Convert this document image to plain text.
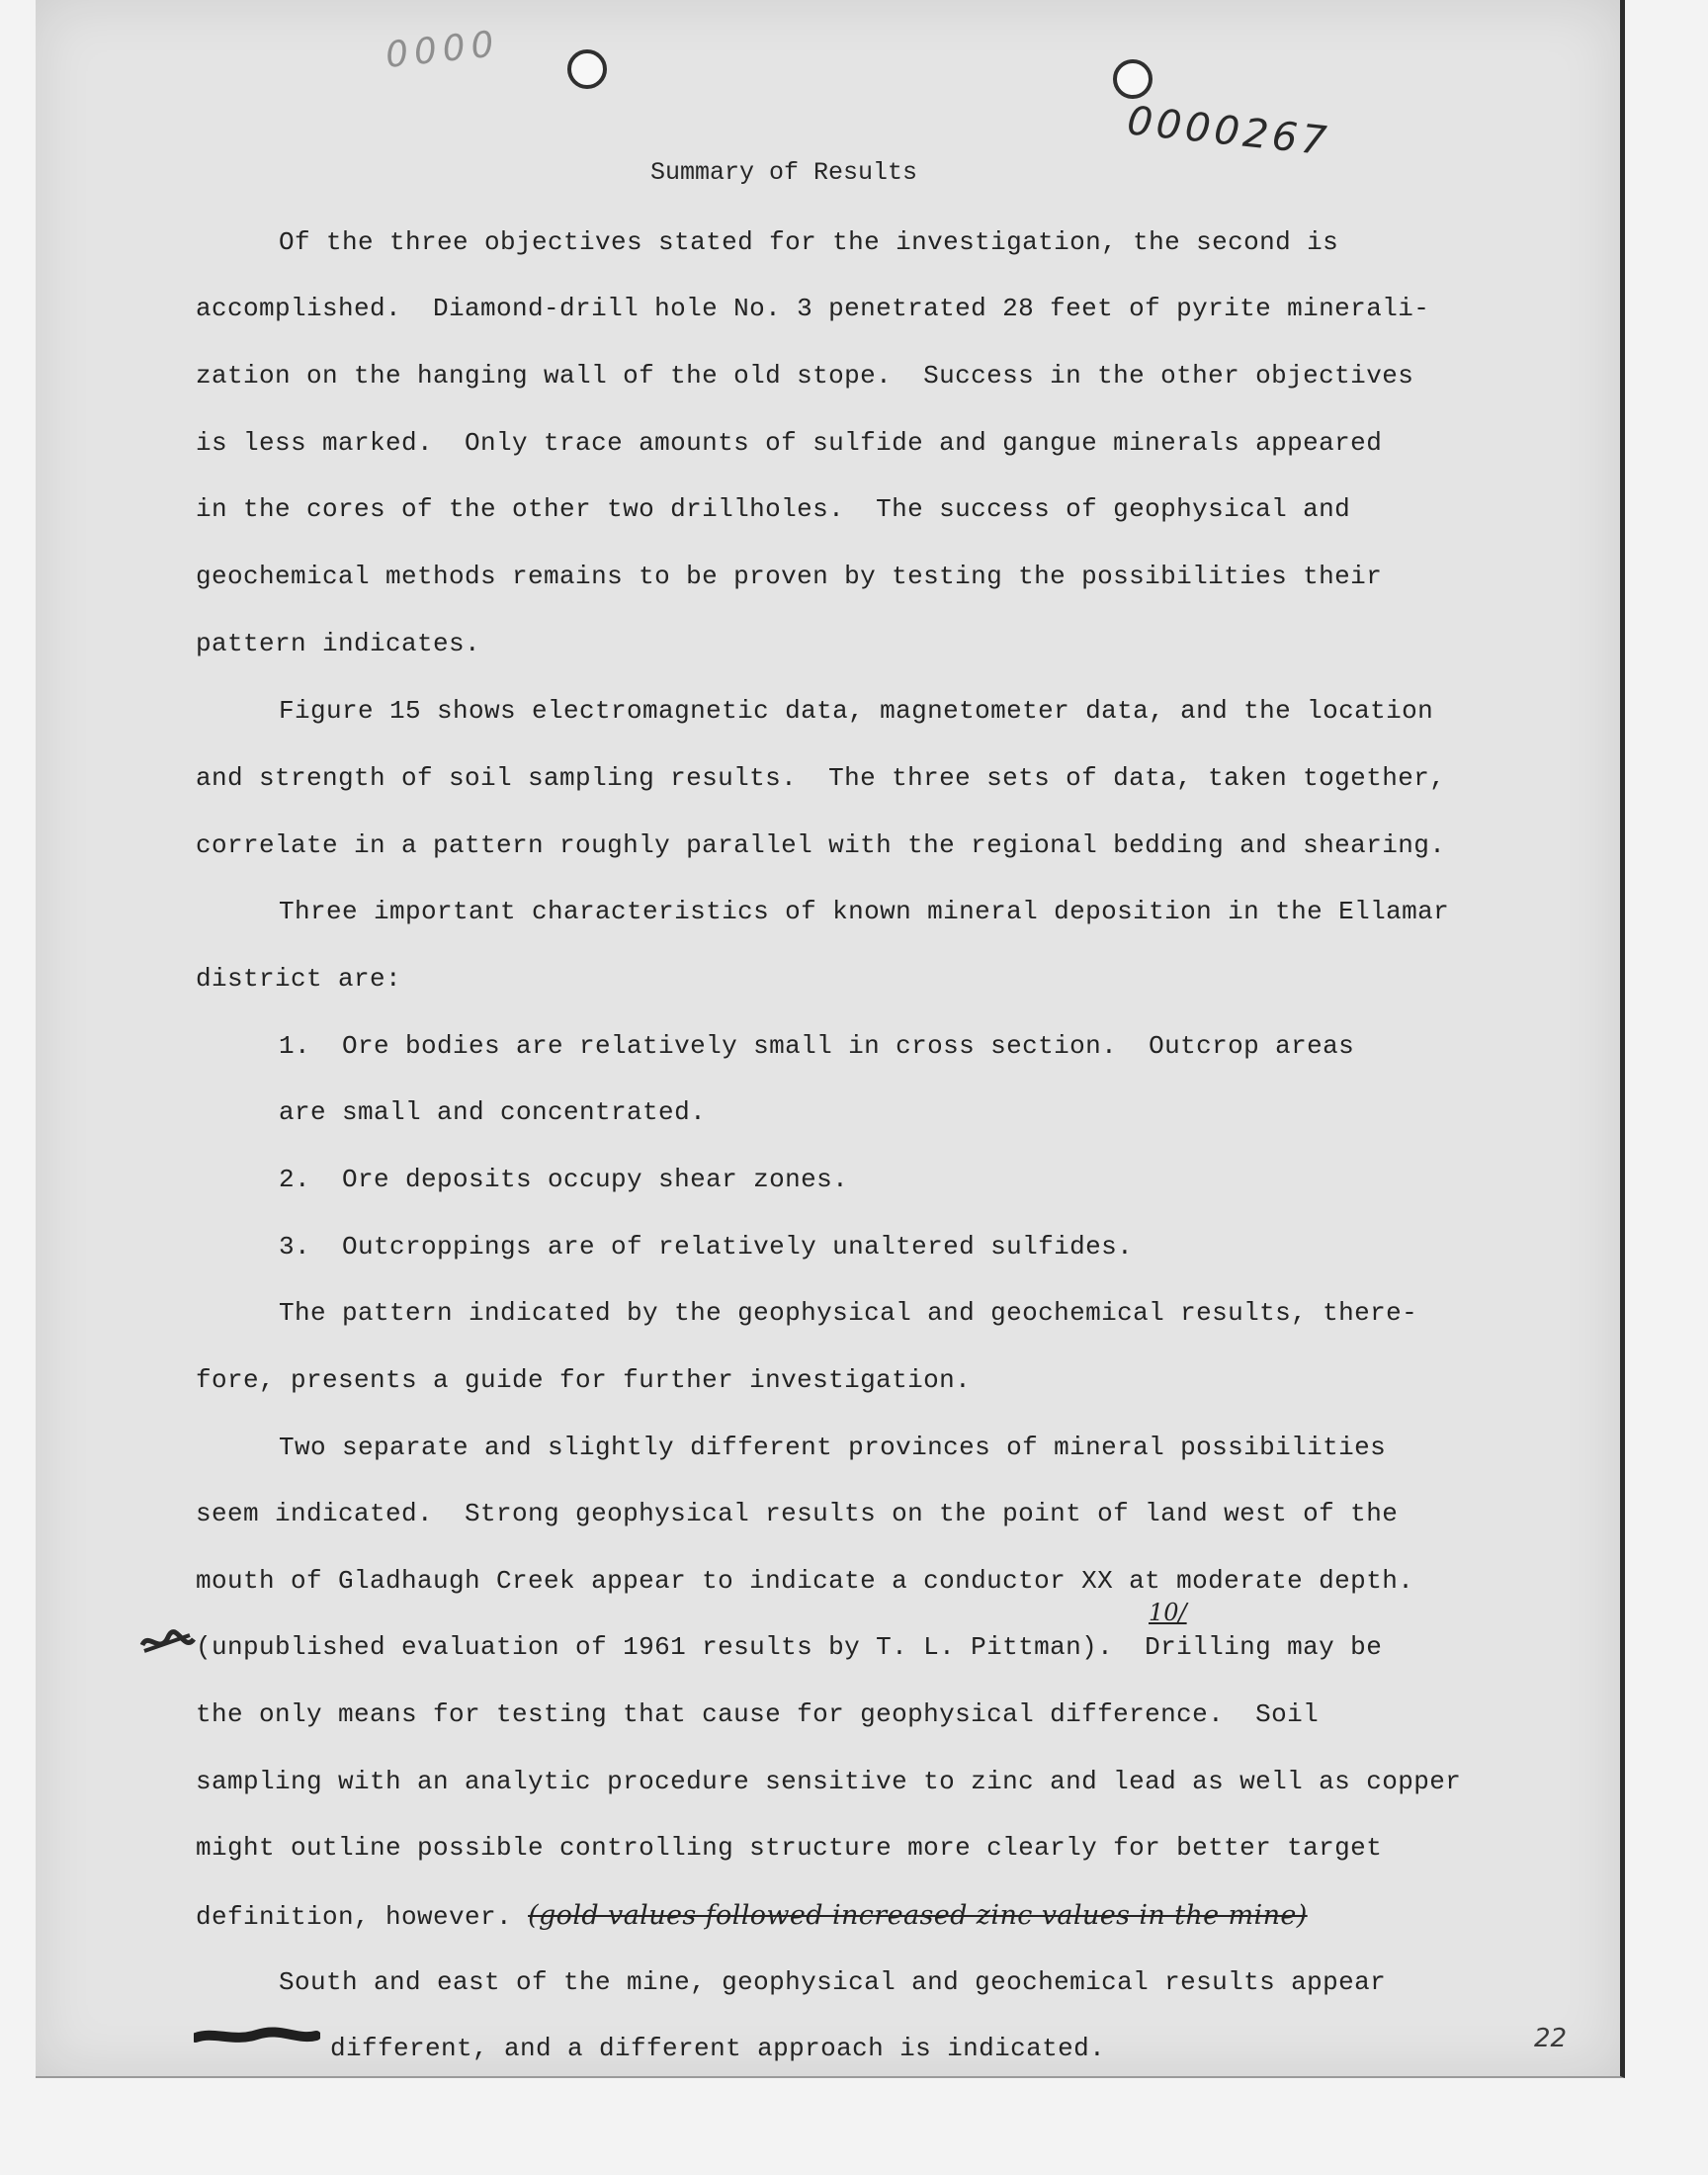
0000
0000267
Summary of Results
Of the three objectives stated for the investigation, the second is
accomplished.  Diamond-drill hole No. 3 penetrated 28 feet of pyrite minerali-
zation on the hanging wall of the old stope.  Success in the other objectives
is less marked.  Only trace amounts of sulfide and gangue minerals appeared
in the cores of the other two drillholes.  The success of geophysical and
geochemical methods remains to be proven by testing the possibilities their
pattern indicates.
Figure 15 shows electromagnetic data, magnetometer data, and the location
and strength of soil sampling results.  The three sets of data, taken together,
correlate in a pattern roughly parallel with the regional bedding and shearing.
Three important characteristics of known mineral deposition in the Ellamar
district are:
1.  Ore bodies are relatively small in cross section.  Outcrop areas
are small and concentrated.
2.  Ore deposits occupy shear zones.
3.  Outcroppings are of relatively unaltered sulfides.
The pattern indicated by the geophysical and geochemical results, there-
fore, presents a guide for further investigation.
Two separate and slightly different provinces of mineral possibilities
seem indicated.  Strong geophysical results on the point of land west of the
mouth of Gladhaugh Creek appear to indicate a conductor XX at moderate depth.
10/
(unpublished evaluation of 1961 results by T. L. Pittman).  Drilling may be
the only means for testing that cause for geophysical difference.  Soil
sampling with an analytic procedure sensitive to zinc and lead as well as copper
might outline possible controlling structure more clearly for better target
definition, however. (gold values followed increased zinc values in the mine)
South and east of the mine, geophysical and geochemical results appear
different, and a different approach is indicated.	22
